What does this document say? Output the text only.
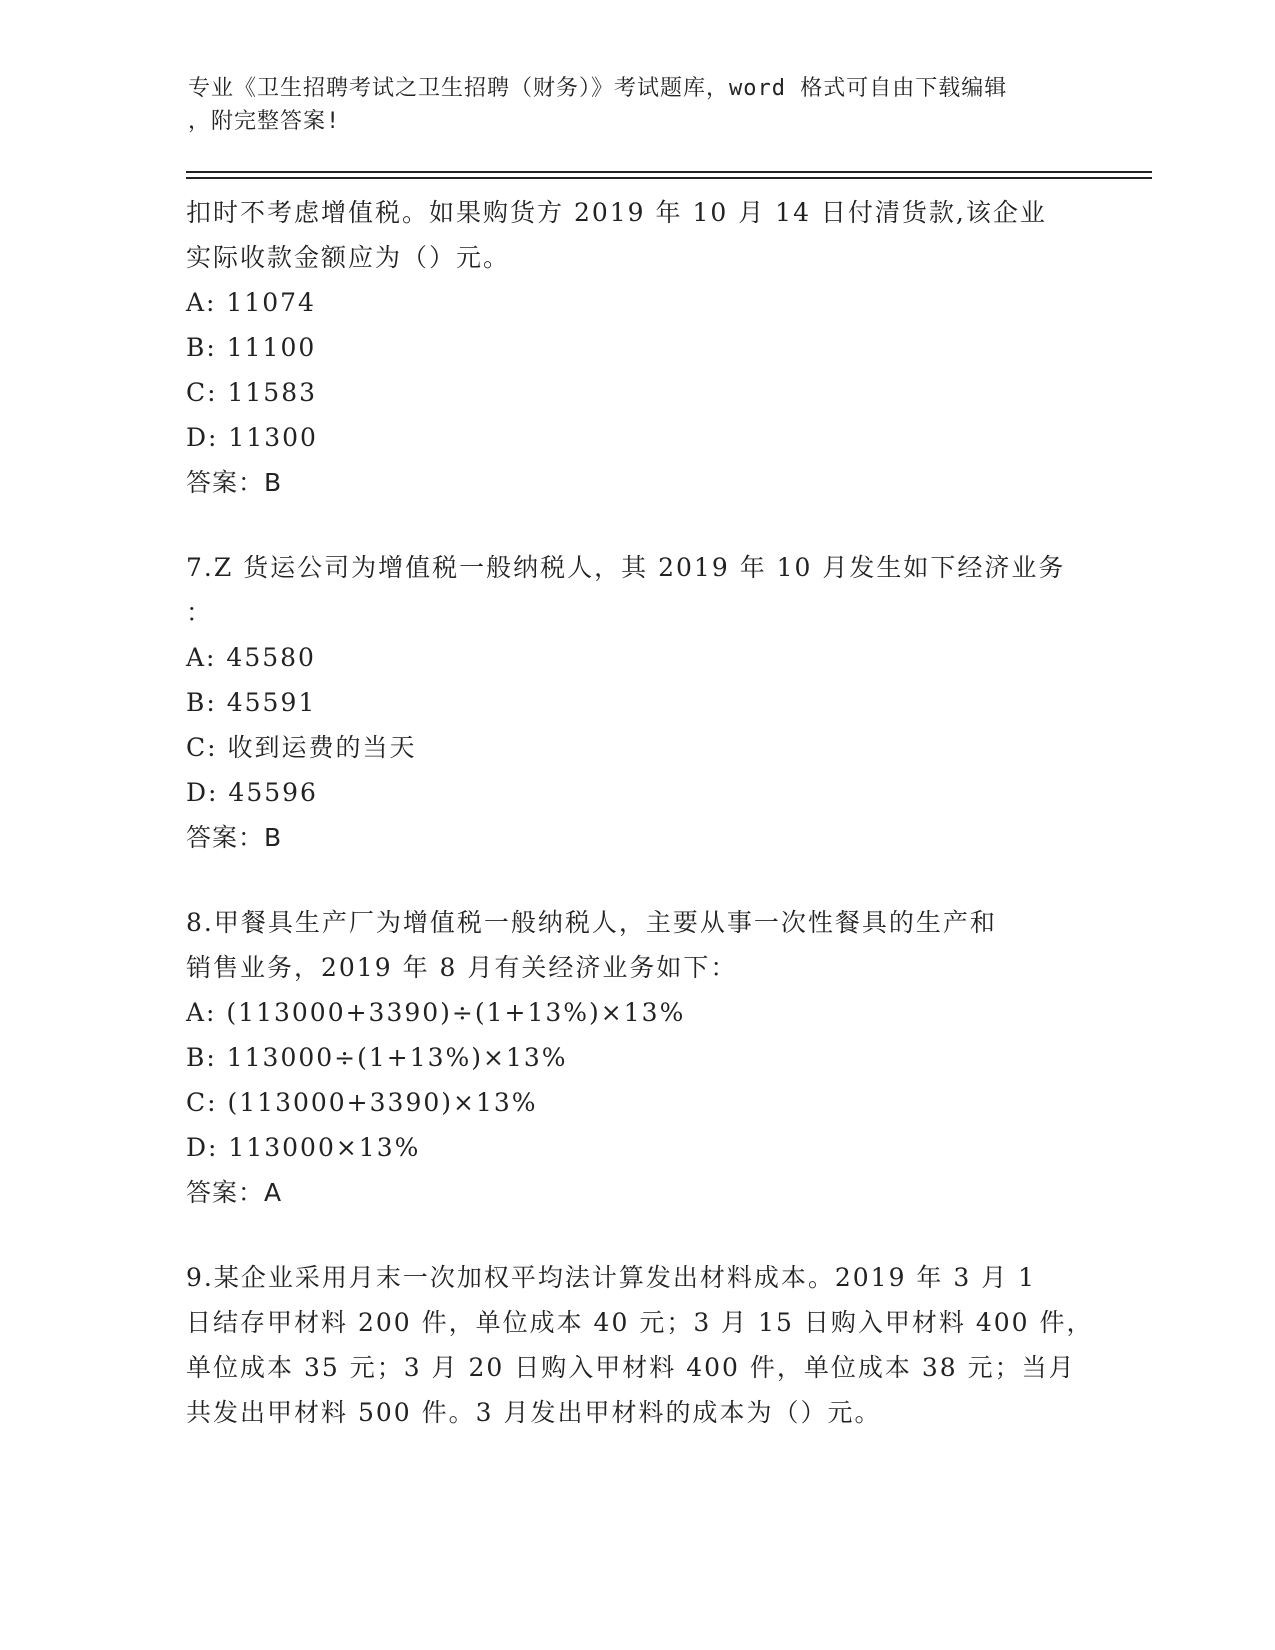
专业《卫生招聘考试之卫生招聘（财务）》考试题库，word 格式可自由下载编辑
，附完整答案!
扣时不考虑增值税。如果购货方 2019 年 10 月 14 日付清货款,该企业
实际收款金额应为（）元。
A: 11074
B: 11100
C: 11583
D: 11300
答案：B
7.Z 货运公司为增值税一般纳税人，其 2019 年 10 月发生如下经济业务
：
A: 45580
B: 45591
C: 收到运费的当天
D: 45596
答案：B
8.甲餐具生产厂为增值税一般纳税人，主要从事一次性餐具的生产和
销售业务，2019 年 8 月有关经济业务如下：
A: (113000+3390)÷(1+13%)×13%
B: 113000÷(1+13%)×13%
C: (113000+3390)×13%
D: 113000×13%
答案：A
9.某企业采用月末一次加权平均法计算发出材料成本。2019 年 3 月 1
日结存甲材料 200 件，单位成本 40 元；3 月 15 日购入甲材料 400 件，
单位成本 35 元；3 月 20 日购入甲材料 400 件，单位成本 38 元；当月
共发出甲材料 500 件。3 月发出甲材料的成本为（）元。
